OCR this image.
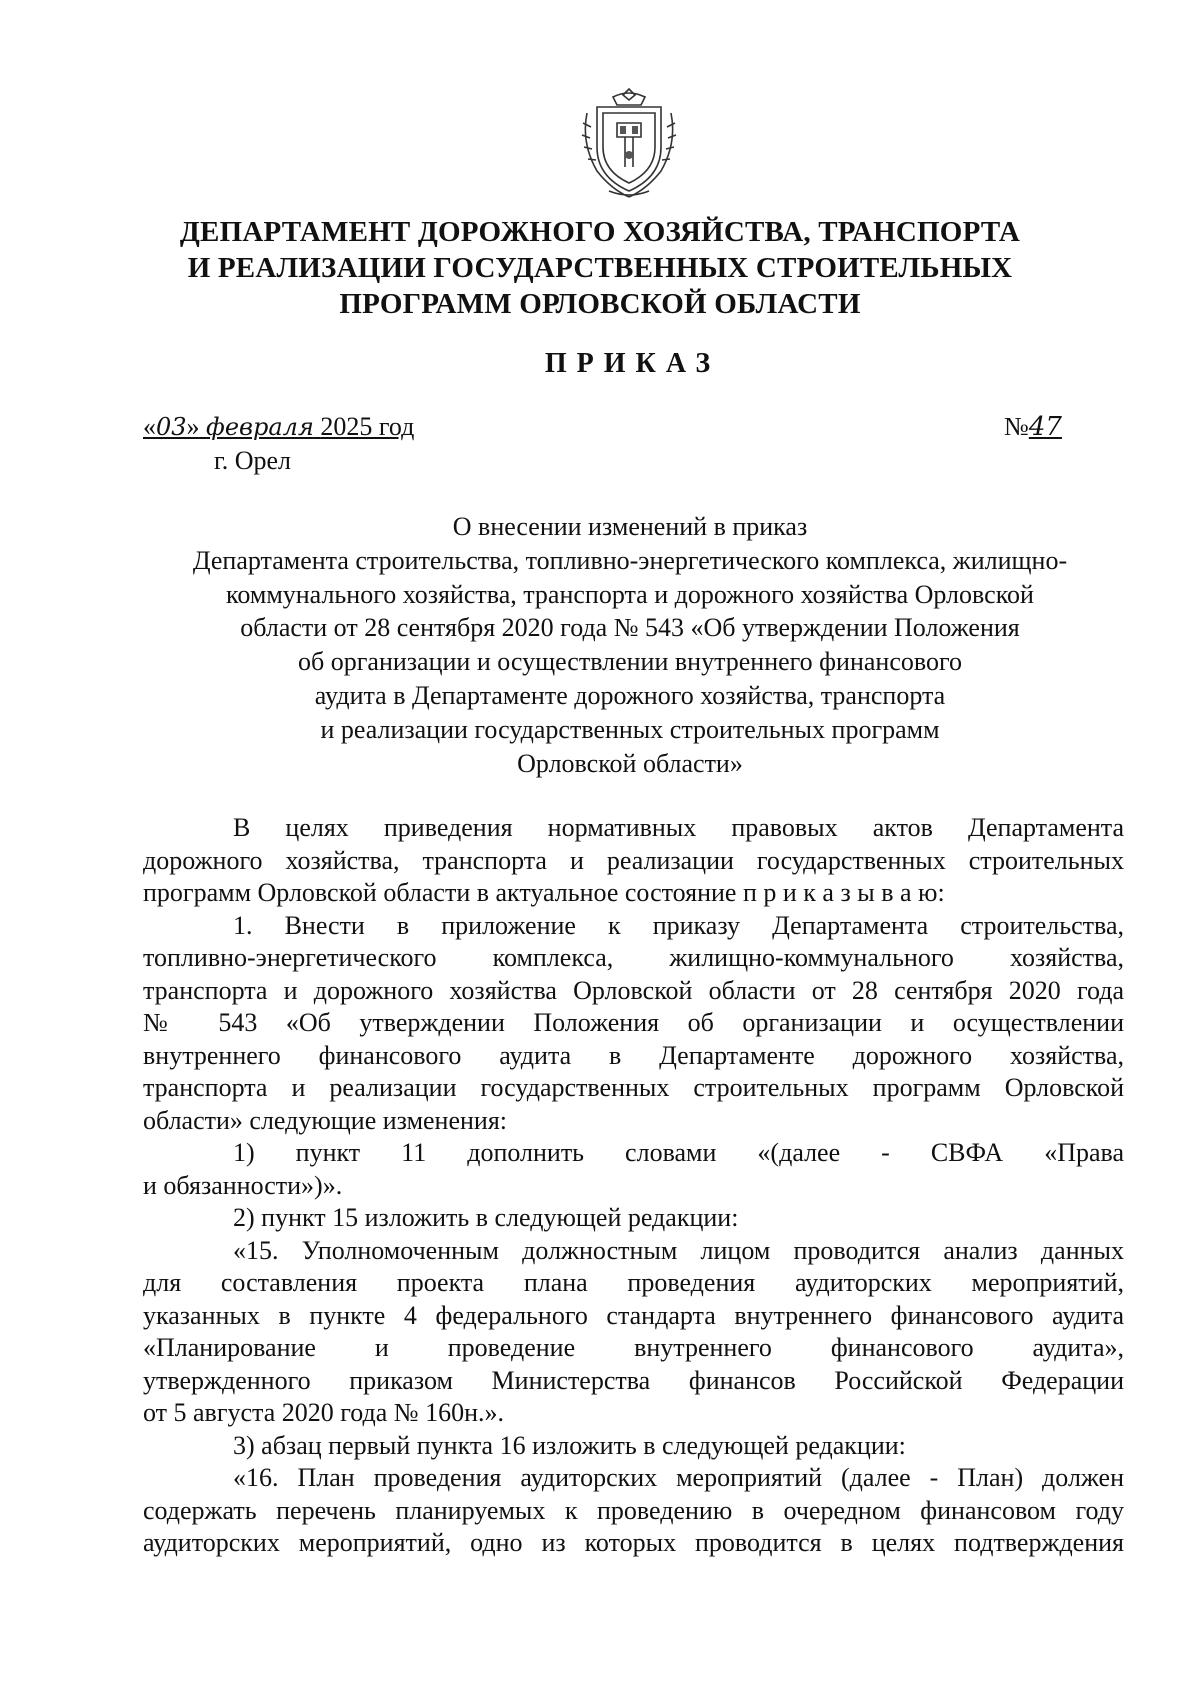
ДЕПАРТАМЕНТ ДОРОЖНОГО ХОЗЯЙСТВА, ТРАНСПОРТА
И РЕАЛИЗАЦИИ ГОСУДАРСТВЕННЫХ СТРОИТЕЛЬНЫХ
ПРОГРАММ ОРЛОВСКОЙ ОБЛАСТИ
ПРИКАЗ
«03» февраля 2025 год
г. Орел
№47
О внесении изменений в приказ
Департамента строительства, топливно-энергетического комплекса, жилищно-
коммунального хозяйства, транспорта и дорожного хозяйства Орловской
области от 28 сентября 2020 года № 543 «Об утверждении Положения
об организации и осуществлении внутреннего финансового
аудита в Департаменте дорожного хозяйства, транспорта
и реализации государственных строительных программ
Орловской области»

В целях приведения нормативных правовых актов Департамента

дорожного хозяйства, транспорта и реализации государственных строительных

программ Орловской области в актуальное состояние п р и к а з ы в а ю:

1. Внести в приложение к приказу Департамента строительства,

топливно-энергетического комплекса, жилищно-коммунального хозяйства,

транспорта и дорожного хозяйства Орловской области от 28 сентября 2020 года

№ 543 «Об утверждении Положения об организации и осуществлении

внутреннего финансового аудита в Департаменте дорожного хозяйства,

транспорта и реализации государственных строительных программ Орловской

области» следующие изменения:

1) пункт 11 дополнить словами «(далее - СВФА «Права

и обязанности»)».

2) пункт 15 изложить в следующей редакции:

«15. Уполномоченным должностным лицом проводится анализ данных

для составления проекта плана проведения аудиторских мероприятий,

указанных в пункте 4 федерального стандарта внутреннего финансового аудита

«Планирование и проведение внутреннего финансового аудита»,

утвержденного приказом Министерства финансов Российской Федерации

от 5 августа 2020 года № 160н.».

3) абзац первый пункта 16 изложить в следующей редакции:

«16. План проведения аудиторских мероприятий (далее - План) должен

содержать перечень планируемых к проведению в очередном финансовом году

аудиторских мероприятий, одно из которых проводится в целях подтверждения
